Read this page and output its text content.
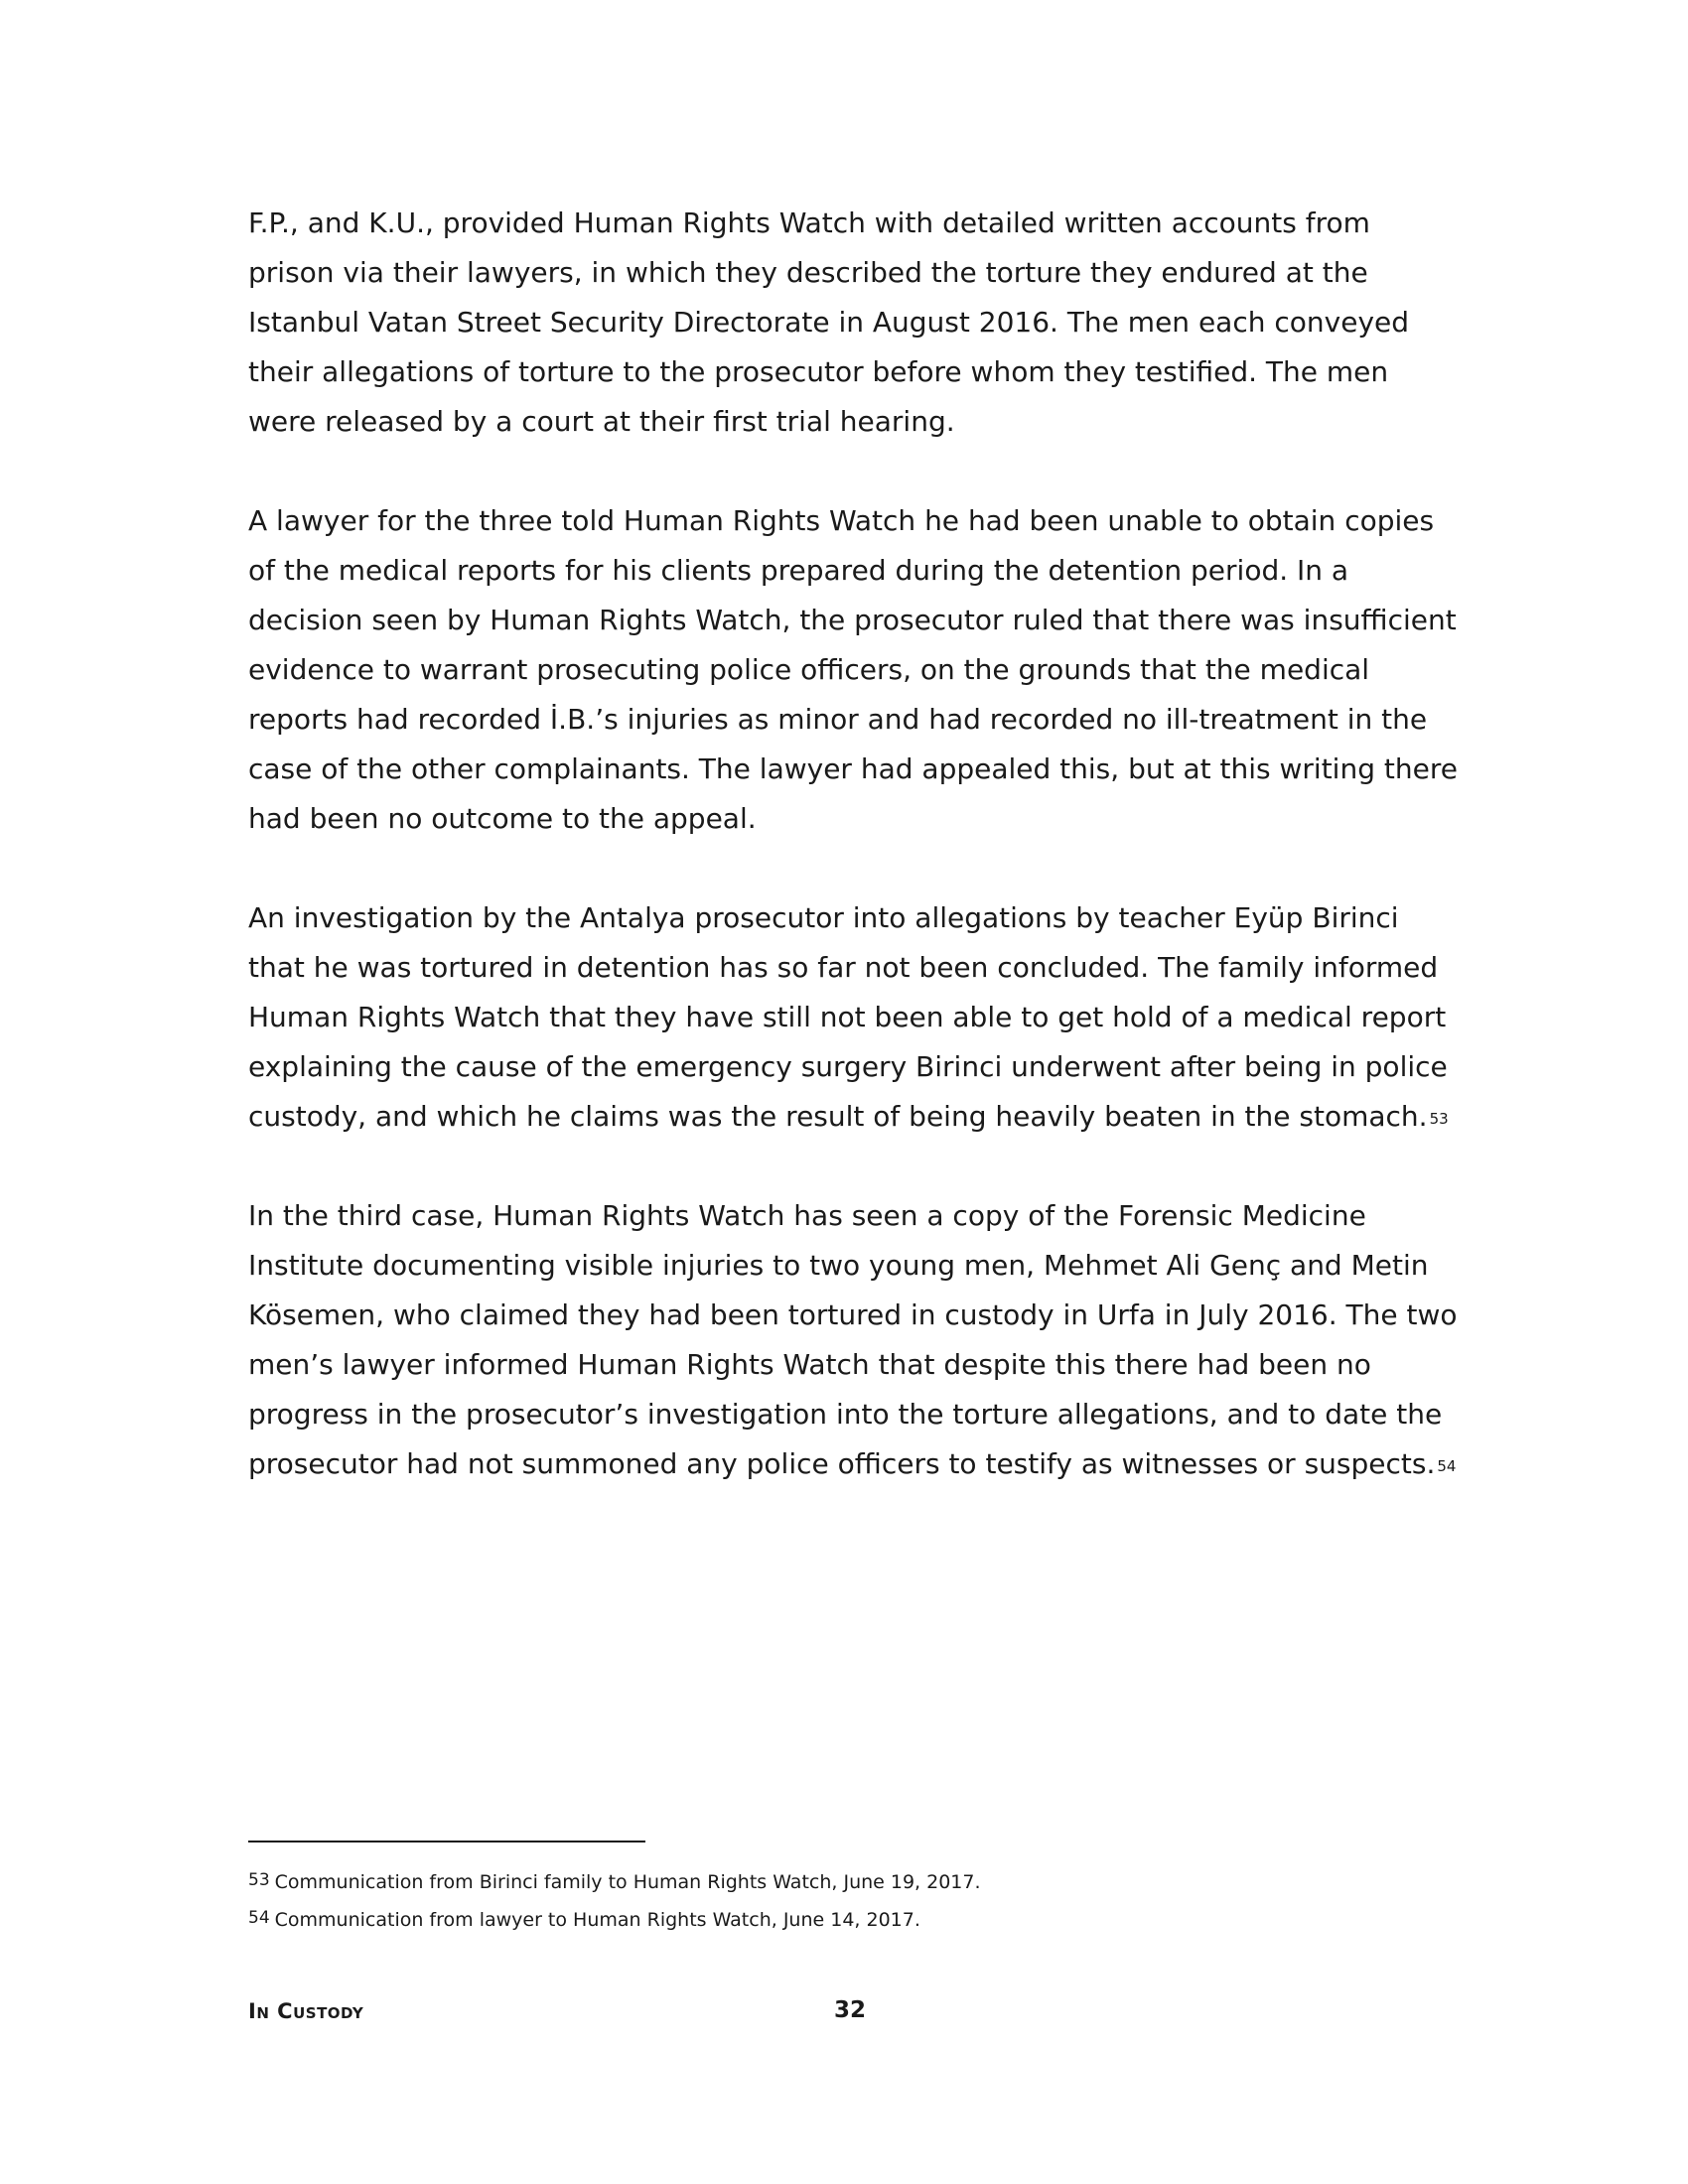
F.P., and K.U., provided Human Rights Watch with detailed written accounts from prison via their lawyers, in which they described the torture they endured at the Istanbul Vatan Street Security Directorate in August 2016. The men each conveyed their allegations of torture to the prosecutor before whom they testified. The men were released by a court at their first trial hearing.

A lawyer for the three told Human Rights Watch he had been unable to obtain copies of the medical reports for his clients prepared during the detention period. In a decision seen by Human Rights Watch, the prosecutor ruled that there was insufficient evidence to warrant prosecuting police officers, on the grounds that the medical reports had recorded İ.B.’s injuries as minor and had recorded no ill-treatment in the case of the other complainants. The lawyer had appealed this, but at this writing there had been no outcome to the appeal.

An investigation by the Antalya prosecutor into allegations by teacher Eyüp Birinci that he was tortured in detention has so far not been concluded. The family informed Human Rights Watch that they have still not been able to get hold of a medical report explaining the cause of the emergency surgery Birinci underwent after being in police custody, and which he claims was the result of being heavily beaten in the stomach. $^{53}$

In the third case, Human Rights Watch has seen a copy of the Forensic Medicine Institute documenting visible injuries to two young men, Mehmet Ali Genç and Metin Kösemen, who claimed they had been tortured in custody in Urfa in July 2016. The two men’s lawyer informed Human Rights Watch that despite this there had been no progress in the prosecutor’s investigation into the torture allegations, and to date the prosecutor had not summoned any police officers to testify as witnesses or suspects. $^{54}$

53 Communication from Birinci family to Human Rights Watch, June 19, 2017.

54 Communication from lawyer to Human Rights Watch, June 14, 2017.

In Custody	32
